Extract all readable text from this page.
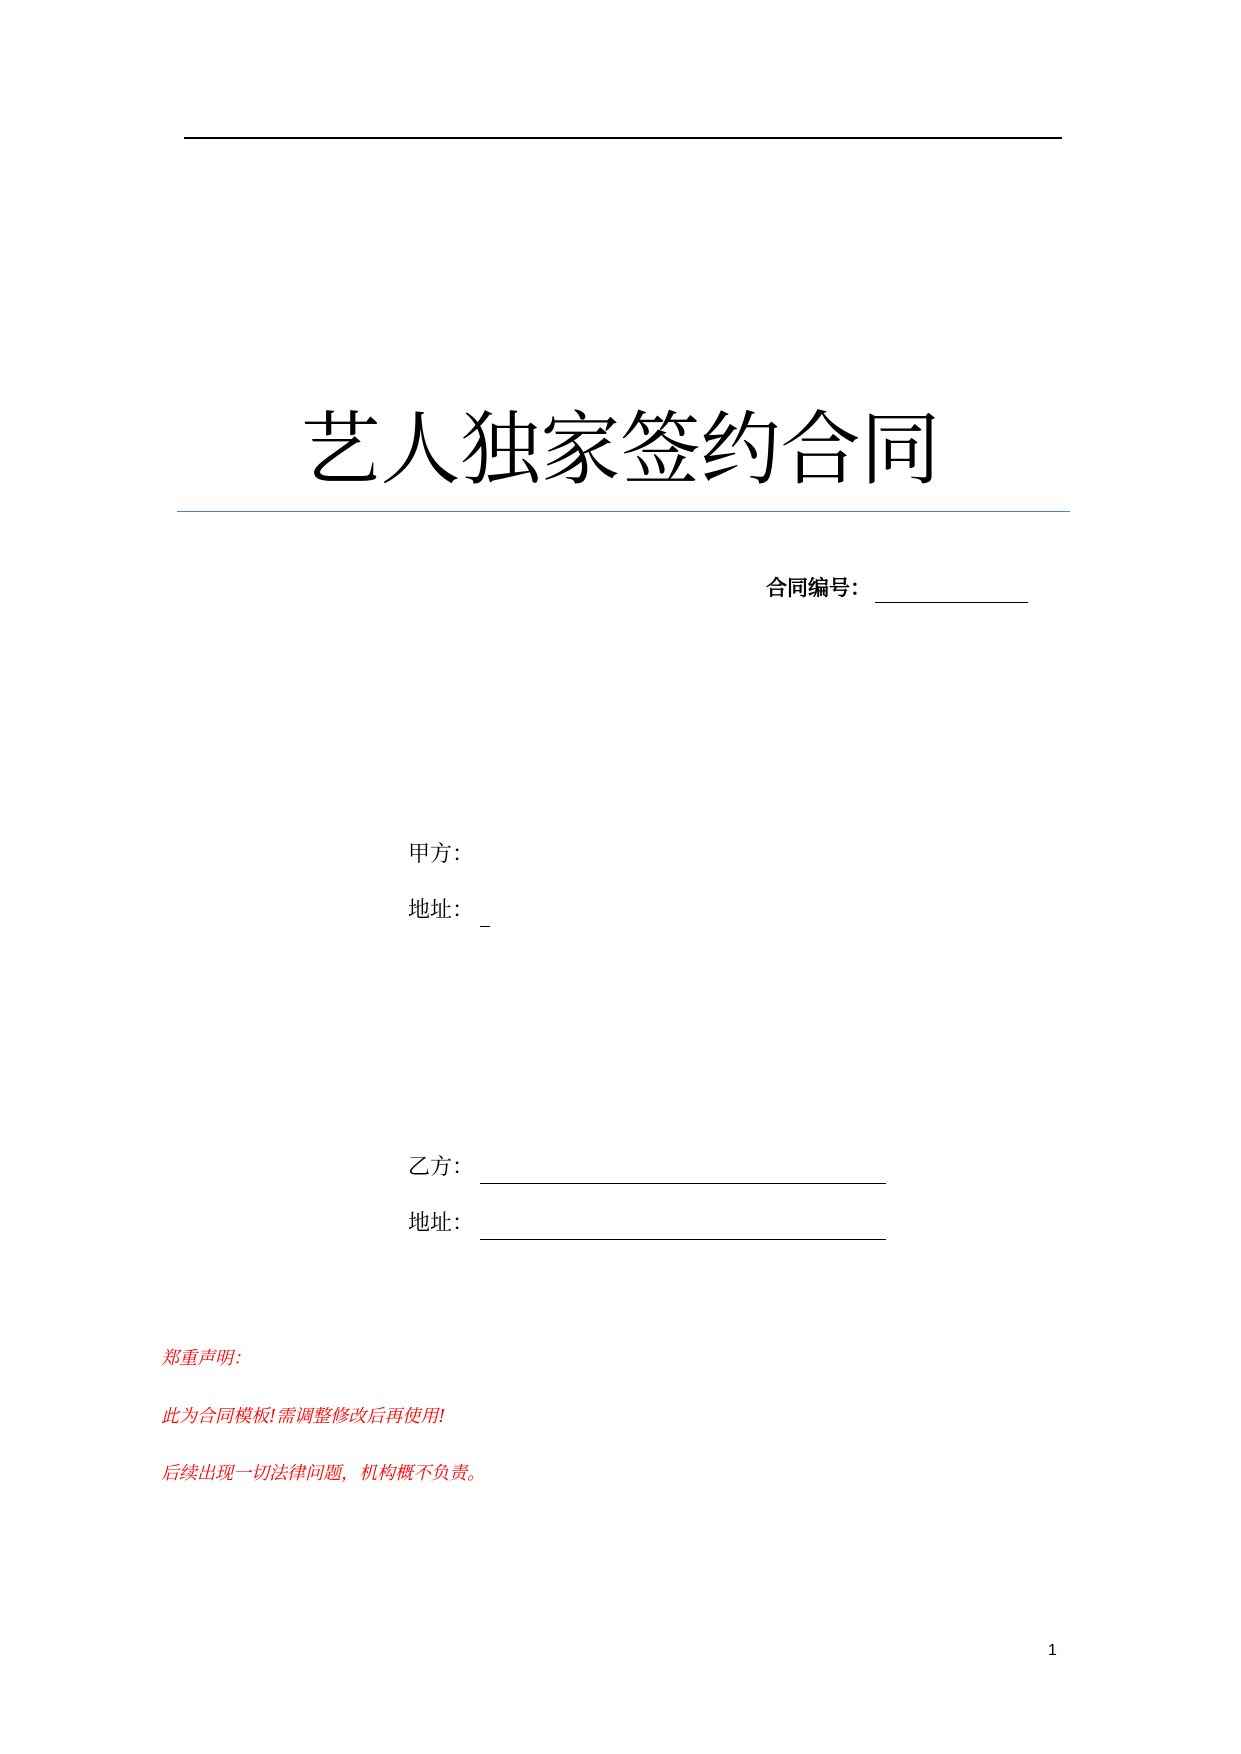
艺人独家签约合同
合同编号：
甲方：
地址：
乙方：
地址：
郑重声明：
此为合同模板!需调整修改后再使用!
后续出现一切法律问题，机构概不负责。
1
